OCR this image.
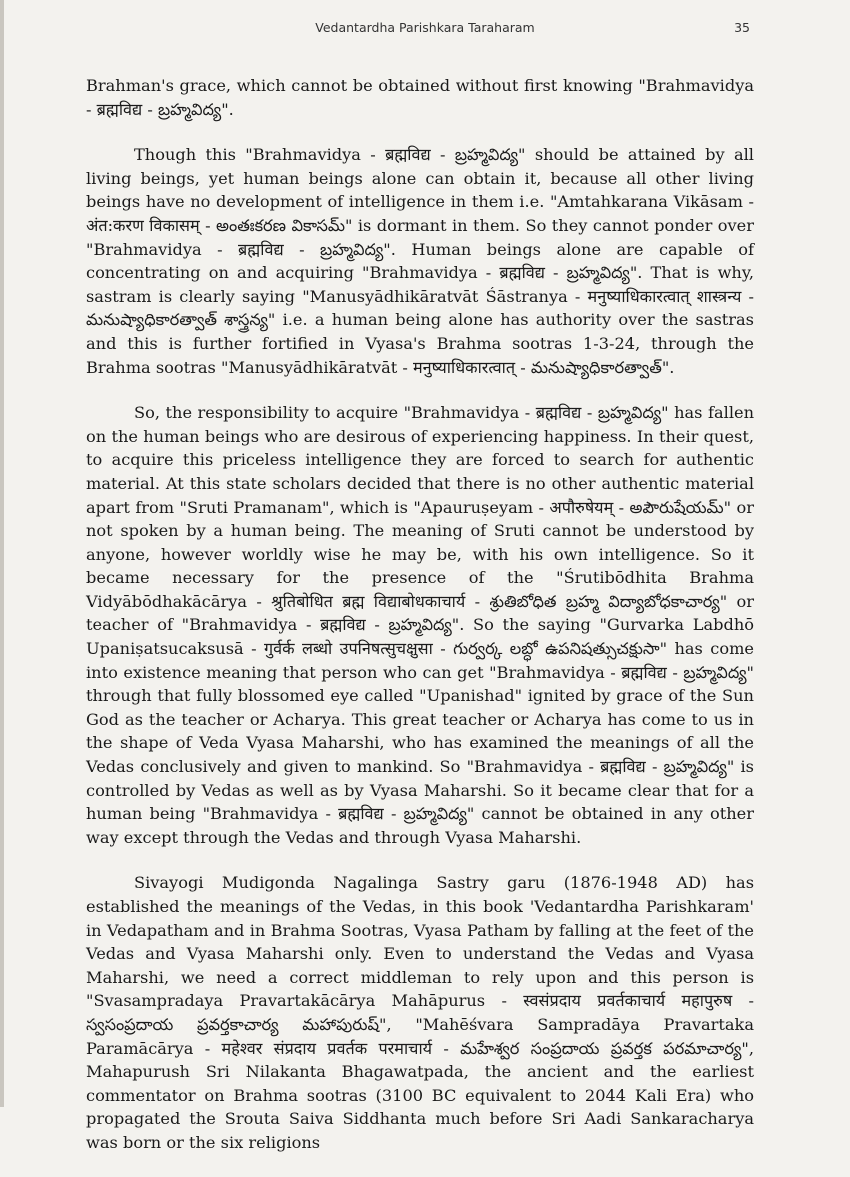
Vedantardha Parishkara Taraharam	35

Brahman's grace, which cannot be obtained without first knowing "Brahmavidya - ब्रह्मविद्य - బ్రహ్మవిద్య".

Though this "Brahmavidya - ब्रह्मविद्य - బ్రహ్మవిద్య" should be attained by all living beings, yet human beings alone can obtain it, because all other living beings have no development of intelligence in them i.e. "Amtahkarana Vikāsam - अंत:करण विकासम् - అంతఃకరణ వికాసమ్" is dormant in them. So they cannot ponder over "Brahmavidya - ब्रह्मविद्य - బ్రహ్మవిద్య". Human beings alone are capable of concentrating on and acquiring "Brahmavidya - ब्रह्मविद्य - బ్రహ్మవిద్య". That is why, sastram is clearly saying "Manusyādhikāratvāt Śāstranya - मनुष्याधिकारत्वात् शास्त्रन्य - మనుష్యాధికారత్వాత్ శాస్త్రన్య" i.e. a human being alone has authority over the sastras and this is further fortified in Vyasa's Brahma sootras 1-3-24, through the Brahma sootras "Manusyādhikāratvāt - मनुष्याधिकारत्वात् - మనుష్యాధికారత్వాత్".

So, the responsibility to acquire "Brahmavidya - ब्रह्मविद्य - బ్రహ్మవిద్య" has fallen on the human beings who are desirous of experiencing happiness. In their quest, to acquire this priceless intelligence they are forced to search for authentic material. At this state scholars decided that there is no other authentic material apart from "Sruti Pramanam", which is "Apauruṣeyam - अपौरुषेयम् - అపౌరుషేయమ్" or not spoken by a human being. The meaning of Sruti cannot be understood by anyone, however worldly wise he may be, with his own intelligence. So it became necessary for the presence of the "Śrutibōdhita Brahma Vidyābōdhakācārya - श्रुतिबोधित ब्रह्म विद्याबोधकाचार्य - శ్రుతిబోధిత బ్రహ్మ విద్యాబోధకాచార్య" or teacher of "Brahmavidya - ब्रह्मविद्य - బ్రహ్మవిద్య". So the saying "Gurvarka Labdhō Upaniṣatsucaksusā - गुर्वर्क लब्धो उपनिषत्सुचक्षुसा - గుర్వర్క లబ్ధో ఉపనిషత్సుచక్షుసా" has come into existence meaning that person who can get "Brahmavidya - ब्रह्मविद्य - బ్రహ్మవిద్య" through that fully blossomed eye called "Upanishad" ignited by grace of the Sun God as the teacher or Acharya. This great teacher or Acharya has come to us in the shape of Veda Vyasa Maharshi, who has examined the meanings of all the Vedas conclusively and given to mankind. So "Brahmavidya - ब्रह्मविद्य - బ్రహ్మవిద్య" is controlled by Vedas as well as by Vyasa Maharshi. So it became clear that for a human being "Brahmavidya - ब्रह्मविद्य - బ్రహ్మవిద్య" cannot be obtained in any other way except through the Vedas and through Vyasa Maharshi.

Sivayogi Mudigonda Nagalinga Sastry garu (1876-1948 AD) has established the meanings of the Vedas, in this book 'Vedantardha Parishkaram' in Vedapatham and in Brahma Sootras, Vyasa Patham by falling at the feet of the Vedas and Vyasa Maharshi only. Even to understand the Vedas and Vyasa Maharshi, we need a correct middleman to rely upon and this person is "Svasampradaya Pravartakācārya Mahāpurus - स्वसंप्रदाय प्रवर्तकाचार्य महापुरुष - స్వసంప్రదాయ ప్రవర్తకాచార్య మహాపురుష్", "Mahēśvara Sampradāya Pravartaka Paramācārya - महेश्वर संप्रदाय प्रवर्तक परमाचार्य - మహేశ్వర సంప్రదాయ ప్రవర్తక పరమాచార్య", Mahapurush Sri Nilakanta Bhagawatpada, the ancient and the earliest commentator on Brahma sootras (3100 BC equivalent to 2044 Kali Era) who propagated the Srouta Saiva Siddhanta much before Sri Aadi Sankaracharya was born or the six religions
